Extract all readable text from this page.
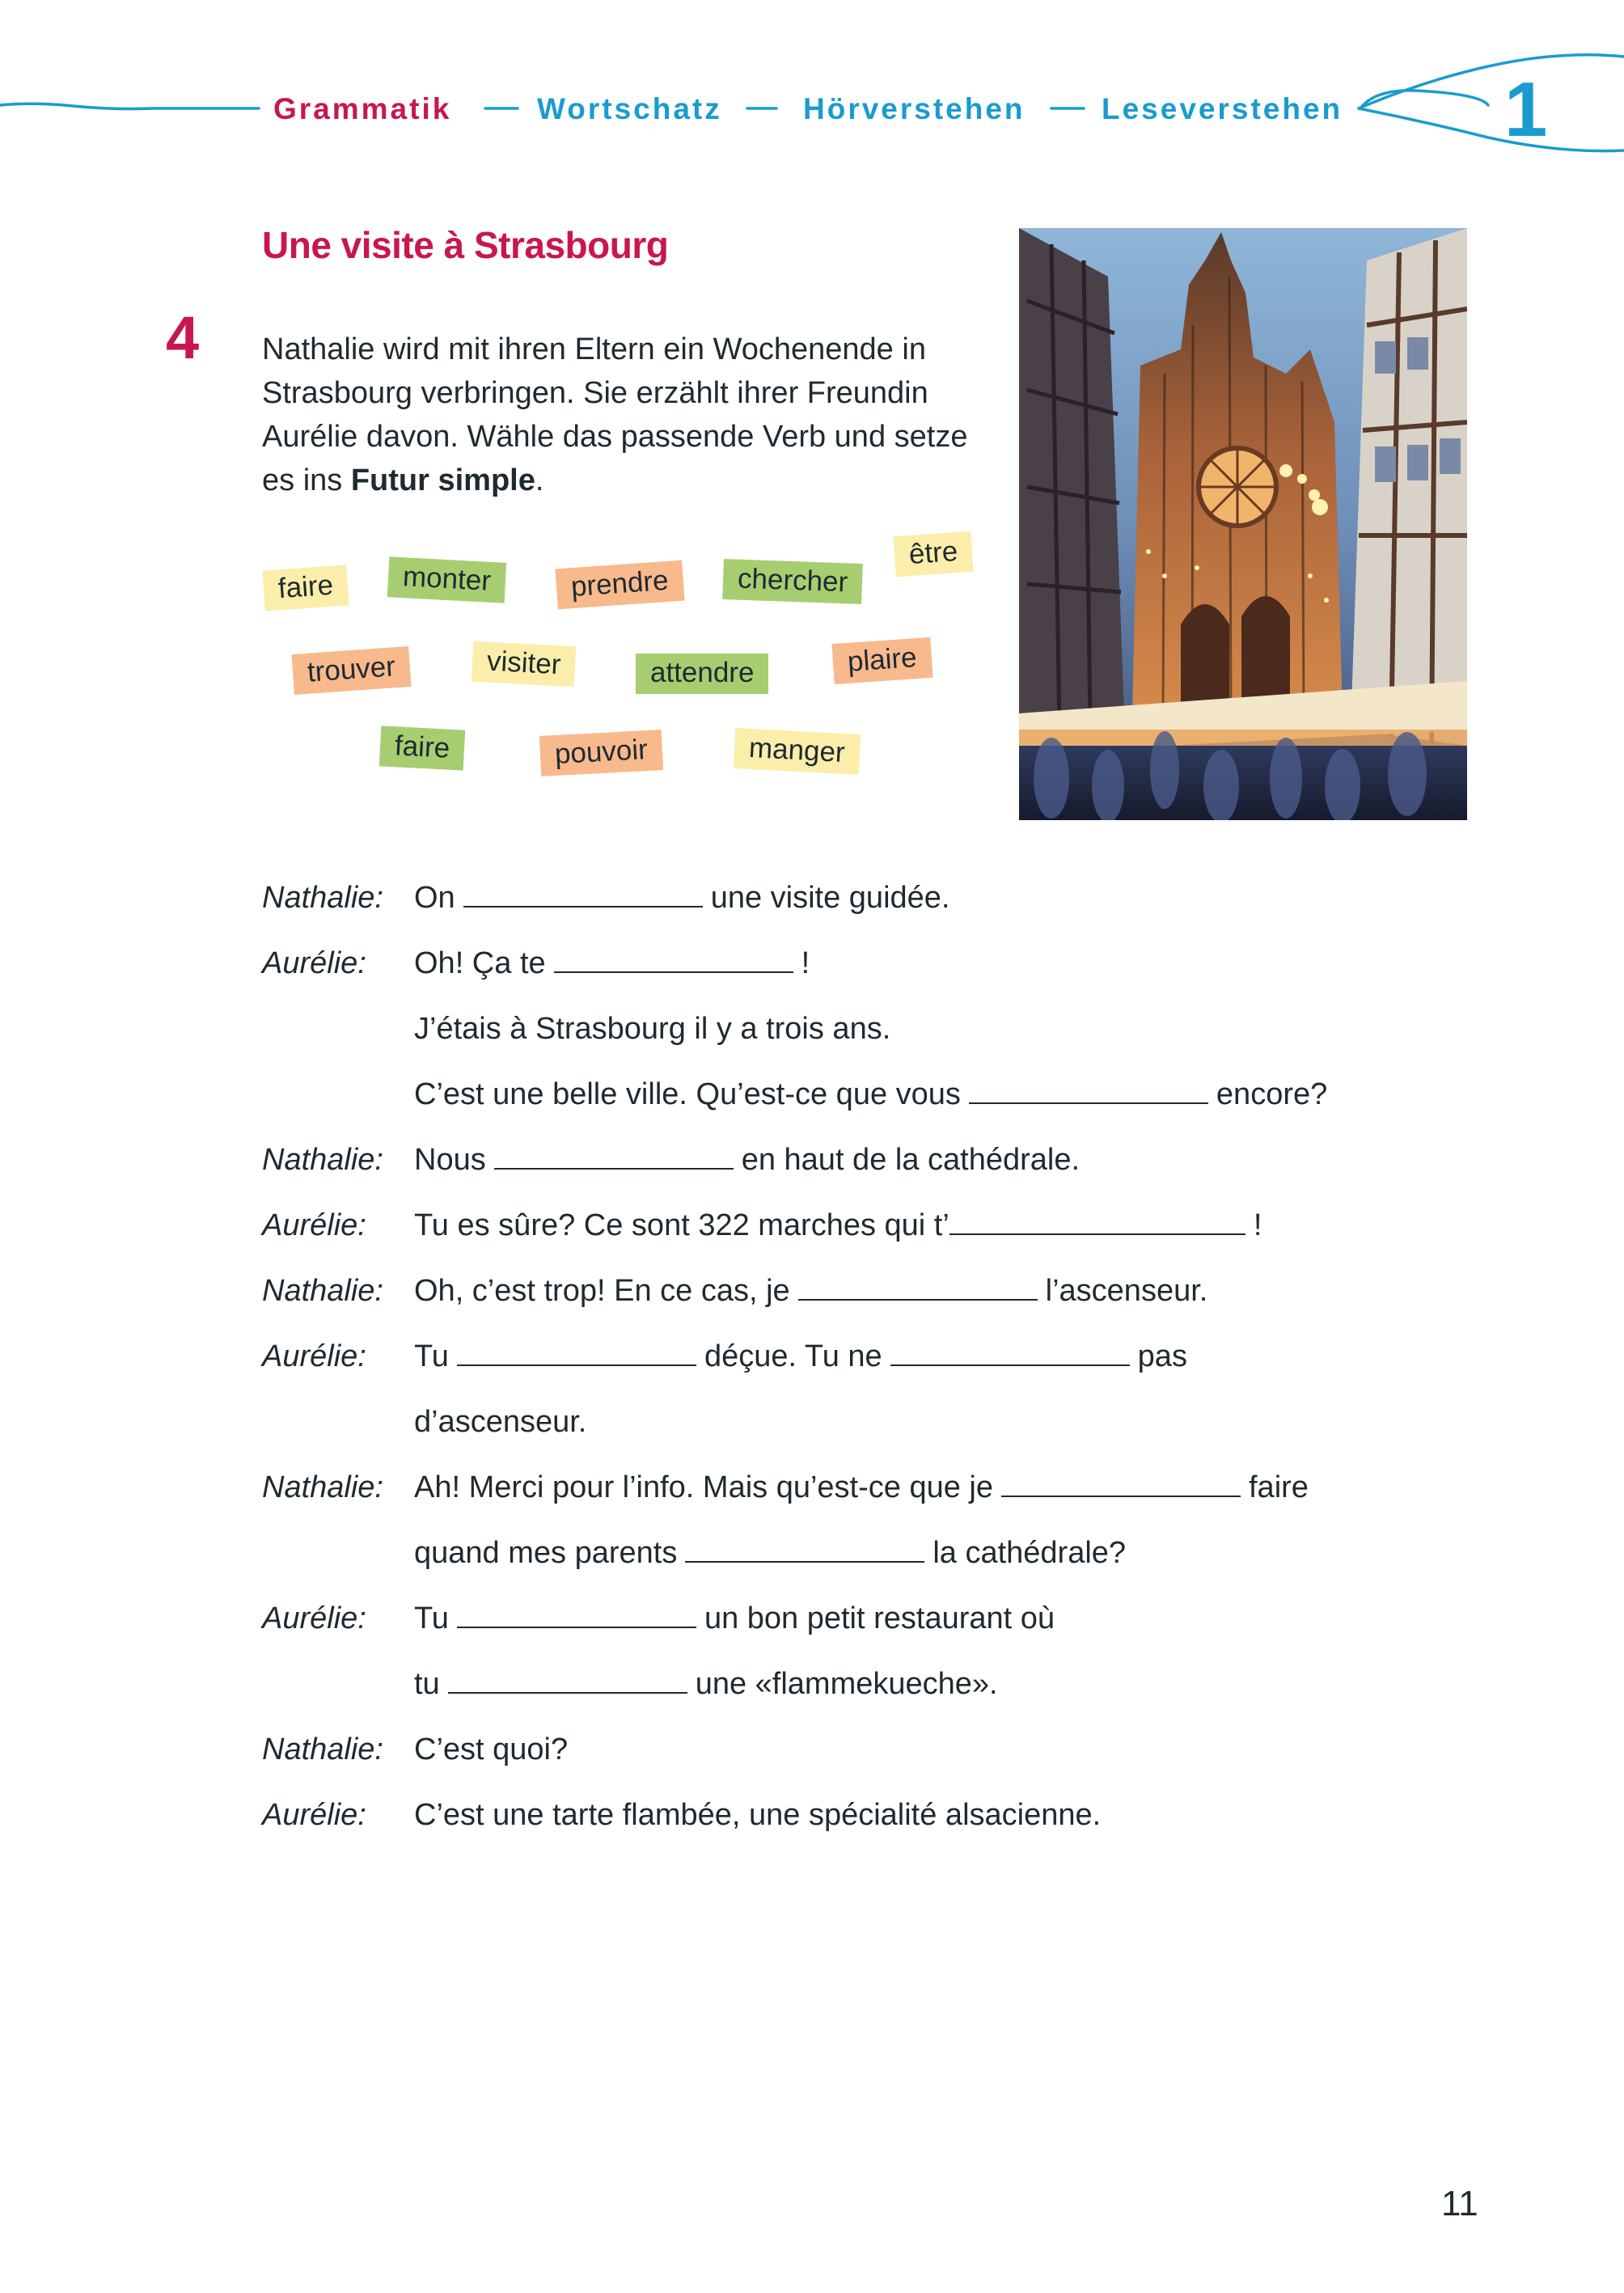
Grammatik	Wortschatz	Hörverstehen	Leseverstehen 1
Une visite à Strasbourg
4 Nathalie wird mit ihren Eltern ein Wochenende in Strasbourg verbringen. Sie erzählt ihrer Freundin Aurélie davon. Wähle das passende Verb und setze es ins Futur simple.
faire	monter	prendre	chercher
être
trouver	visiter	attendre	plaire
faire	pouvoir	manger
Nathalie: On	une visite guidée.
Aurélie: Oh! Ça te	!
J’étais à Strasbourg il y a trois ans.
C’est une belle ville. Qu’est-ce que vous	encore?
Nathalie: Nous	en haut de la cathédrale.
Aurélie: Tu es sûre? Ce sont 322 marches qui t’	!
Nathalie: Oh, c’est trop! En ce cas, je	l’ascenseur.
Aurélie: Tu	déçue. Tu ne	pas
d’ascenseur.
Nathalie: Ah! Merci pour l’info. Mais qu’est-ce que je	faire
quand mes parents	la cathédrale?
Aurélie: Tu	un bon petit restaurant où
tu	une «flammekueche».
Nathalie: C’est quoi?
Aurélie: C’est une tarte flambée, une spécialité alsacienne.
11
